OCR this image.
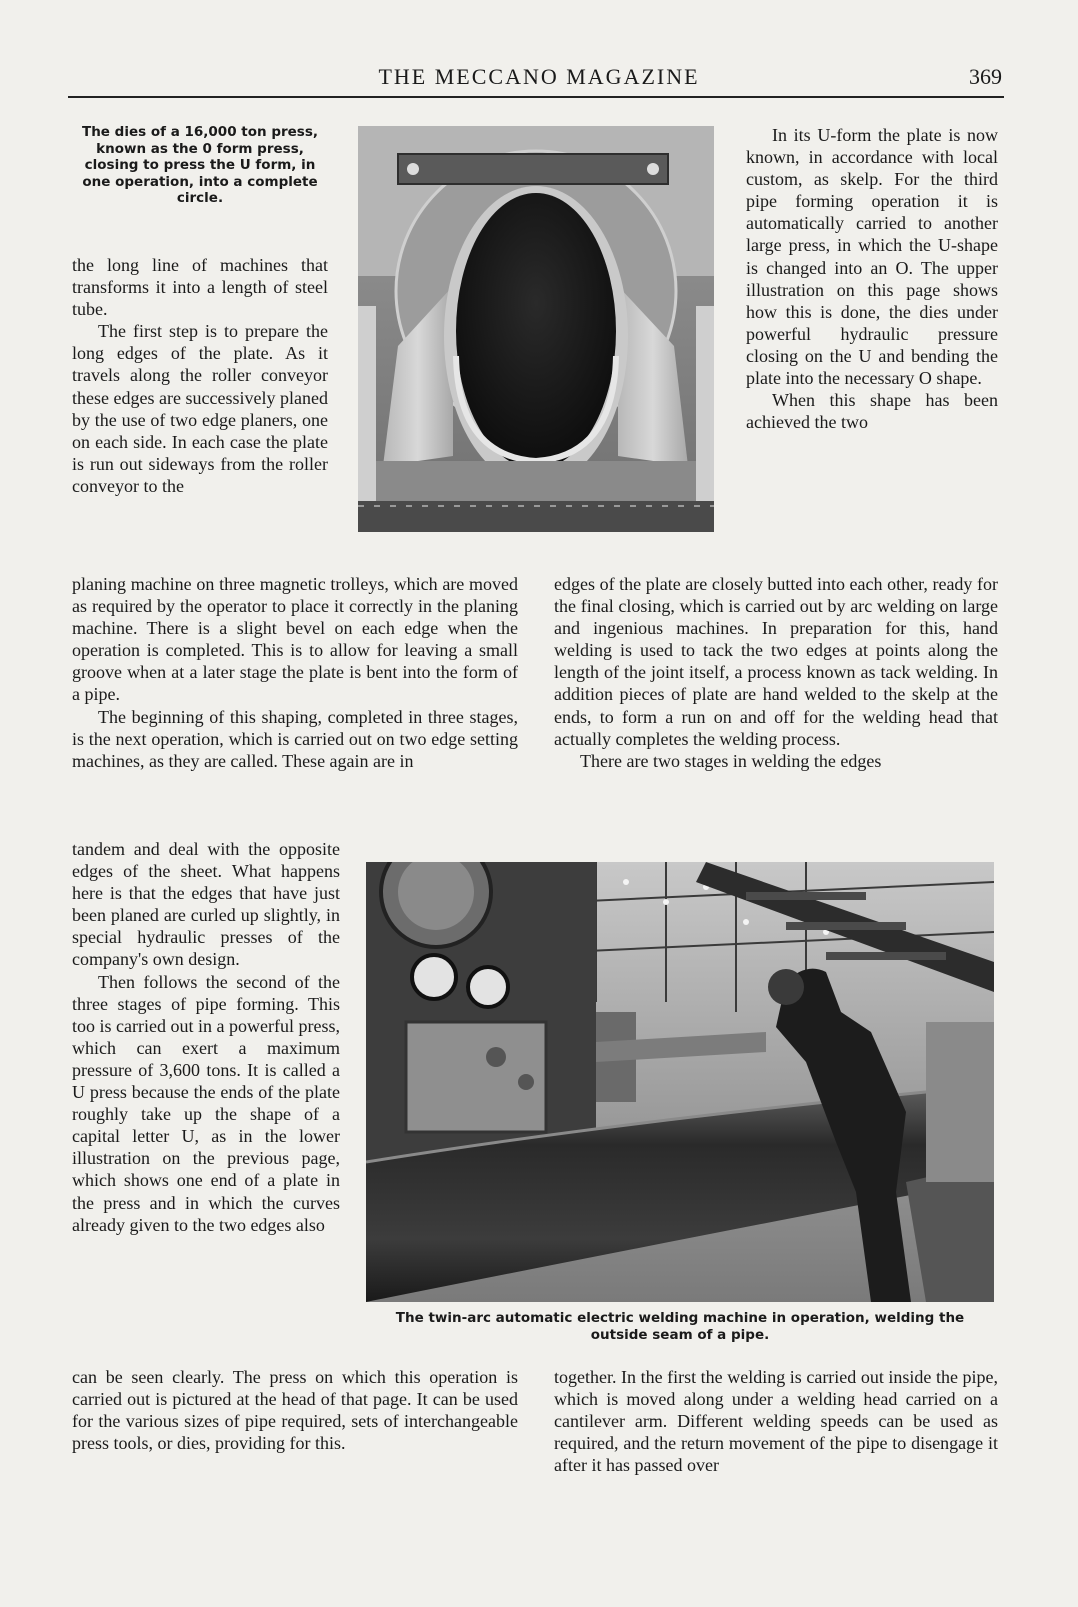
THE MECCANO MAGAZINE	369
The dies of a 16,000 ton press, known as the 0 form press, closing to press the U form, in one operation, into a complete circle.

the long line of machines that transforms it into a length of steel tube.

The first step is to prepare the long edges of the plate. As it travels along the roller conveyor these edges are successively planed by the use of two edge planers, one on each side. In each case the plate is run out sideways from the roller conveyor to the

planing machine on three magnetic trolleys, which are moved as required by the operator to place it correctly in the planing machine. There is a slight bevel on each edge when the operation is completed. This is to allow for leaving a small groove when at a later stage the plate is bent into the form of a pipe.

The beginning of this shaping, completed in three stages, is the next operation, which is carried out on two edge setting machines, as they are called. These again are in

tandem and deal with the opposite edges of the sheet. What happens here is that the edges that have just been planed are curled up slightly, in special hydraulic presses of the company's own design.

Then follows the second of the three stages of pipe forming. This too is carried out in a powerful press, which can exert a maximum pressure of 3,600 tons. It is called a U press because the ends of the plate roughly take up the shape of a capital letter U, as in the lower illustration on the previous page, which shows one end of a plate in the press and in which the curves already given to the two edges also

can be seen clearly. The press on which this operation is carried out is pictured at the head of that page. It can be used for the various sizes of pipe required, sets of interchangeable press tools, or dies, providing for this.

In its U-form the plate is now known, in accordance with local custom, as skelp. For the third pipe forming operation it is automatically carried to another large press, in which the U-shape is changed into an O. The upper illustration on this page shows how this is done, the dies under powerful hydraulic pressure closing on the U and bending the plate into the necessary O shape.

When this shape has been achieved the two

edges of the plate are closely butted into each other, ready for the final closing, which is carried out by arc welding on large and ingenious machines. In preparation for this, hand welding is used to tack the two edges at points along the length of the joint itself, a process known as tack welding. In addition pieces of plate are hand welded to the skelp at the ends, to form a run on and off for the welding head that actually completes the welding process.

There are two stages in welding the edges

The twin-arc automatic electric welding machine in operation, welding the outside seam of a pipe.

together. In the first the welding is carried out inside the pipe, which is moved along under a welding head carried on a cantilever arm. Different welding speeds can be used as required, and the return movement of the pipe to disengage it after it has passed over
